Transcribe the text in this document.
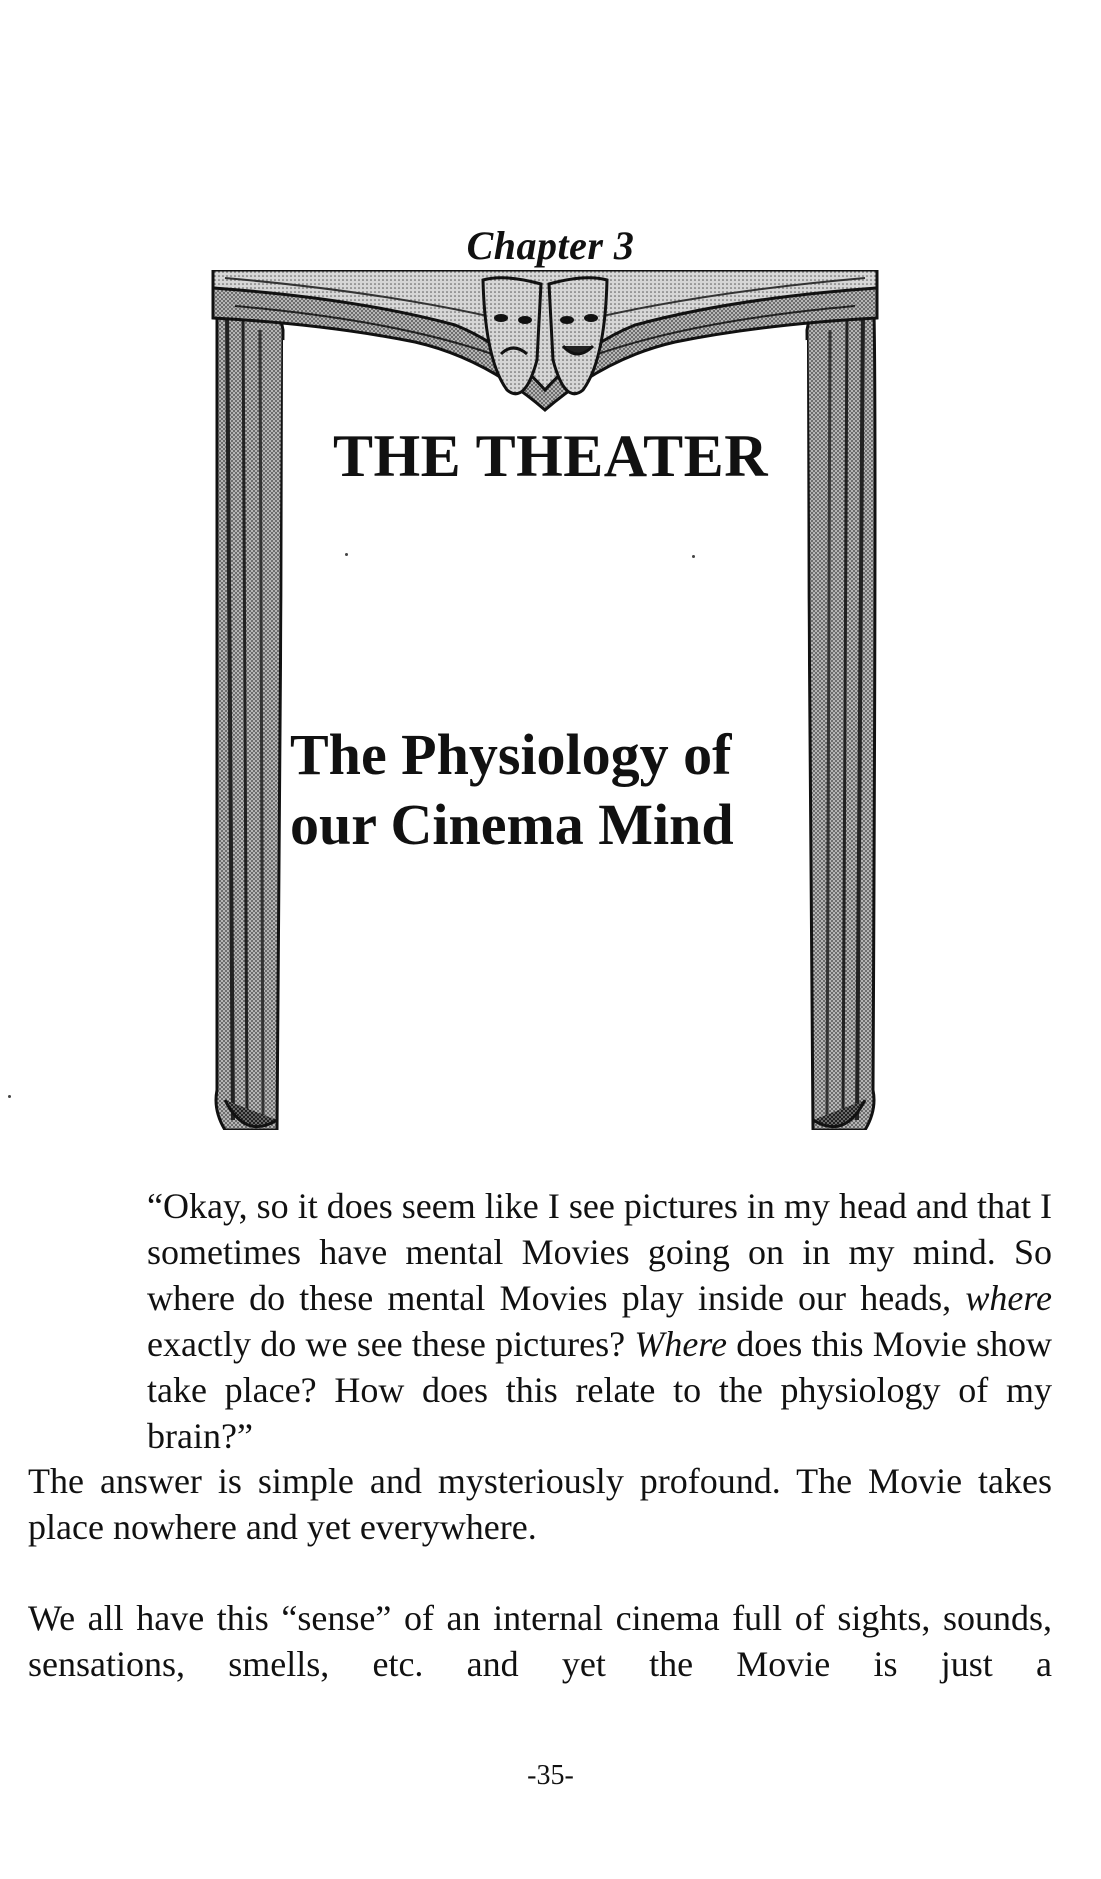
Chapter 3
THE THEATER
The Physiology of
our Cinema Mind
“Okay, so it does seem like I see pictures in my head and that I sometimes have mental Movies going on in my mind. So where do these mental Movies play inside our heads, where exactly do we see these pictures? Where does this Movie show take place? How does this relate to the physiology of my brain?”
The answer is simple and mysteriously profound. The Movie takes place nowhere and yet everywhere.
We all have this “sense” of an internal cinema full of sights, sounds, sensations, smells, etc. and yet the Movie is just a
-35-
